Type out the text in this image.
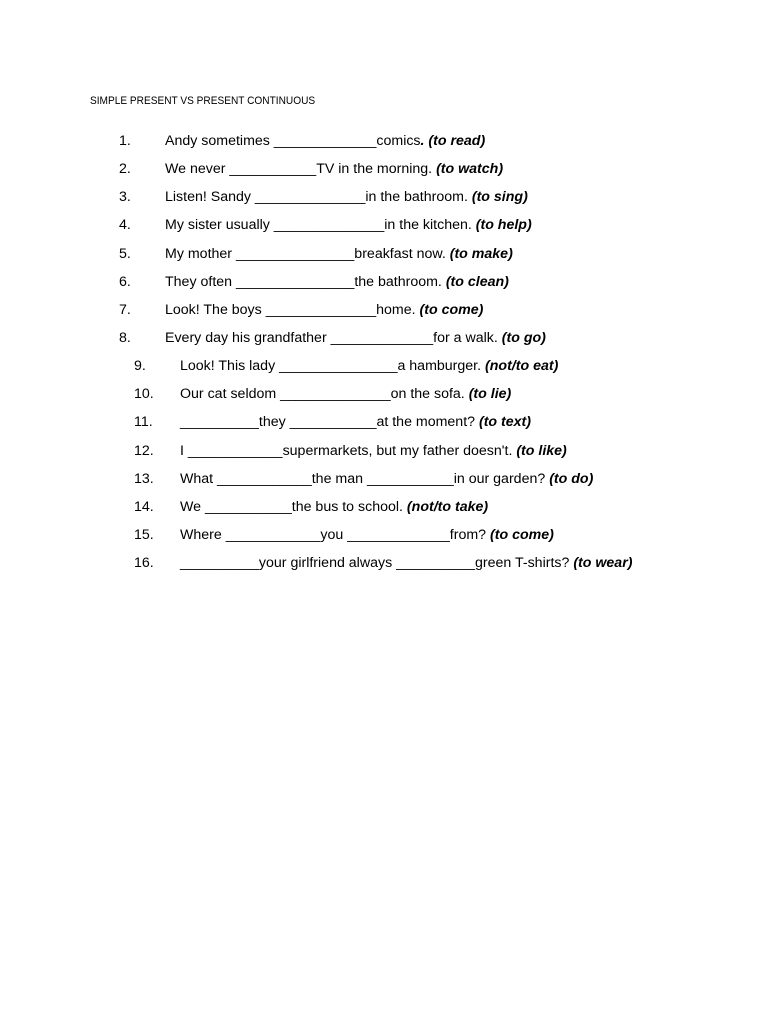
SIMPLE PRESENT VS PRESENT CONTINUOUS
1. Andy sometimes _____________comics. (to read)
2. We never ___________TV in the morning. (to watch)
3. Listen! Sandy ______________in the bathroom. (to sing)
4. My sister usually ______________in the kitchen. (to help)
5. My mother _______________breakfast now. (to make)
6. They often _______________the bathroom. (to clean)
7. Look! The boys ______________home. (to come)
8. Every day his grandfather _____________for a walk. (to go)
9. Look! This lady _______________a hamburger. (not/to eat)
10. Our cat seldom ______________on the sofa. (to lie)
11. __________they ___________at the moment? (to text)
12. I ____________supermarkets, but my father doesn't. (to like)
13. What ____________the man ___________in our garden? (to do)
14. We ___________the bus to school. (not/to take)
15. Where ____________you _____________from? (to come)
16. __________your girlfriend always __________green T-shirts? (to wear)
